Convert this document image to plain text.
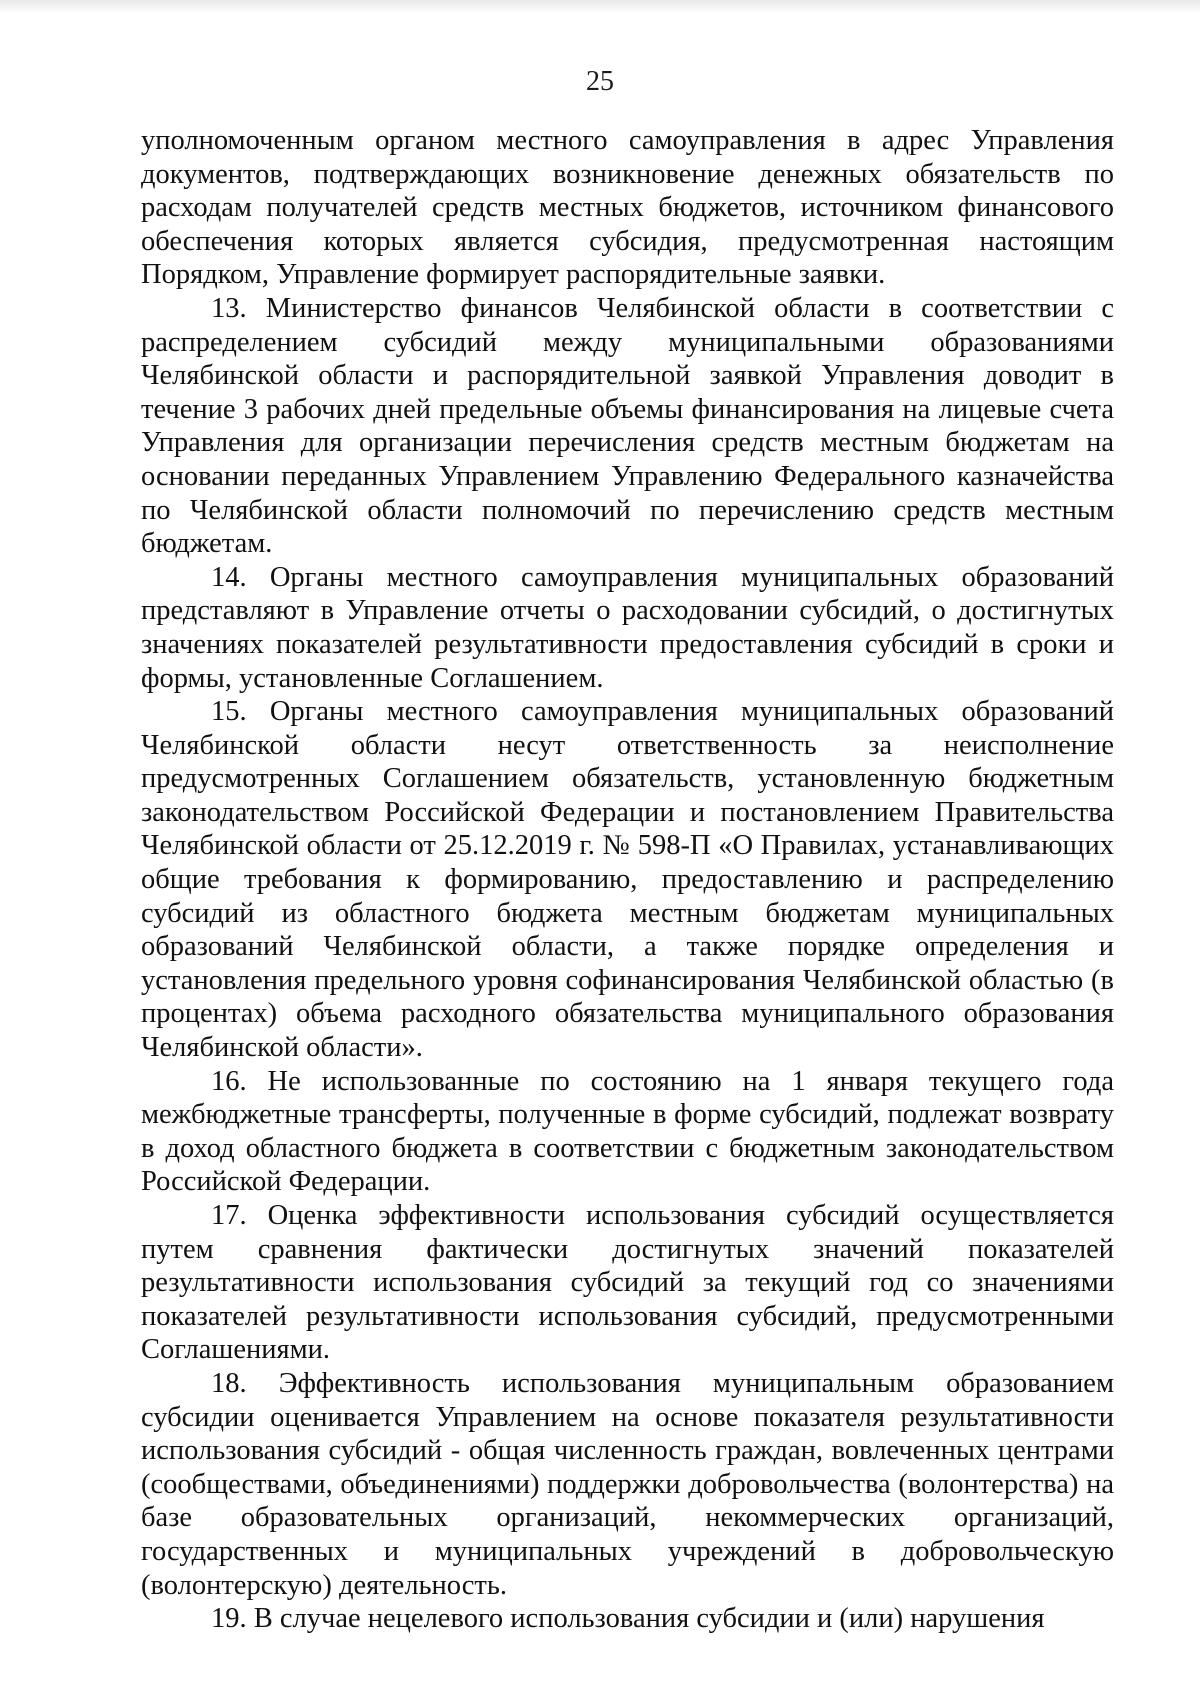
25

уполномоченным органом местного самоуправления в адрес Управления документов, подтверждающих возникновение денежных обязательств по расходам получателей средств местных бюджетов, источником финансового обеспечения которых является субсидия, предусмотренная настоящим Порядком, Управление формирует распорядительные заявки.

13. Министерство финансов Челябинской области в соответствии с распределением субсидий между муниципальными образованиями Челябинской области и распорядительной заявкой Управления доводит в течение 3 рабочих дней предельные объемы финансирования на лицевые счета Управления для организации перечисления средств местным бюджетам на основании переданных Управлением Управлению Федерального казначейства по Челябинской области полномочий по перечислению средств местным бюджетам.

14. Органы местного самоуправления муниципальных образований представляют в Управление отчеты о расходовании субсидий, о достигнутых значениях показателей результативности предоставления субсидий в сроки и формы, установленные Соглашением.

15. Органы местного самоуправления муниципальных образований Челябинской области несут ответственность за неисполнение предусмотренных Соглашением обязательств, установленную бюджетным законодательством Российской Федерации и постановлением Правительства Челябинской области от 25.12.2019 г. № 598-П «О Правилах, устанавливающих общие требования к формированию, предоставлению и распределению субсидий из областного бюджета местным бюджетам муниципальных образований Челябинской области, а также порядке определения и установления предельного уровня софинансирования Челябинской областью (в процентах) объема расходного обязательства муниципального образования Челябинской области».

16. Не использованные по состоянию на 1 января текущего года межбюджетные трансферты, полученные в форме субсидий, подлежат возврату в доход областного бюджета в соответствии с бюджетным законодательством Российской Федерации.

17. Оценка эффективности использования субсидий осуществляется путем сравнения фактически достигнутых значений показателей результативности использования субсидий за текущий год со значениями показателей результативности использования субсидий, предусмотренными Соглашениями.

18. Эффективность использования муниципальным образованием субсидии оценивается Управлением на основе показателя результативности использования субсидий - общая численность граждан, вовлеченных центрами (сообществами, объединениями) поддержки добровольчества (волонтерства) на базе образовательных организаций, некоммерческих организаций, государственных и муниципальных учреждений в добровольческую (волонтерскую) деятельность.

19. В случае нецелевого использования субсидии и (или) нарушения
